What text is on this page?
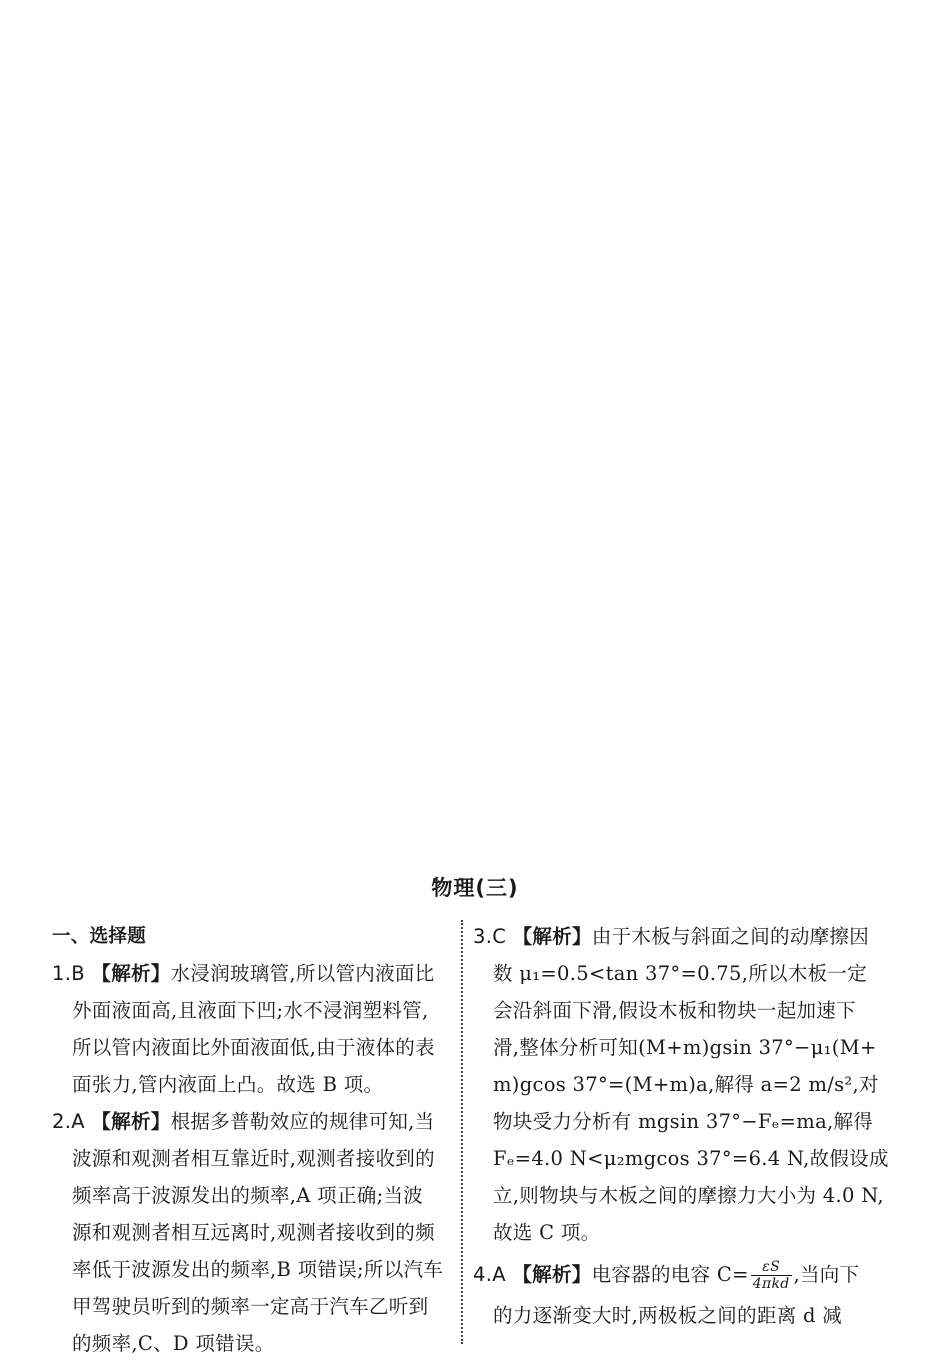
物理(三)
一、选择题
1.B 【解析】水浸润玻璃管,所以管内液面比
外面液面高,且液面下凹;水不浸润塑料管,
所以管内液面比外面液面低,由于液体的表
面张力,管内液面上凸。故选 B 项。
2.A 【解析】根据多普勒效应的规律可知,当
波源和观测者相互靠近时,观测者接收到的
频率高于波源发出的频率,A 项正确;当波
源和观测者相互远离时,观测者接收到的频
率低于波源发出的频率,B 项错误;所以汽车
甲驾驶员听到的频率一定高于汽车乙听到
的频率,C、D 项错误。
3.C 【解析】由于木板与斜面之间的动摩擦因
数 μ₁=0.5<tan 37°=0.75,所以木板一定
会沿斜面下滑,假设木板和物块一起加速下
滑,整体分析可知(M+m)gsin 37°−μ₁(M+
m)gcos 37°=(M+m)a,解得 a=2 m/s²,对
物块受力分析有 mgsin 37°−Fₑ=ma,解得
Fₑ=4.0 N<μ₂mgcos 37°=6.4 N,故假设成
立,则物块与木板之间的摩擦力大小为 4.0 N,
故选 C 项。
4.A 【解析】电容器的电容 $C= \frac{\varepsilon S}{\text{4πkd}}$ ,当向下
的力逐渐变大时,两极板之间的距离 d 减
